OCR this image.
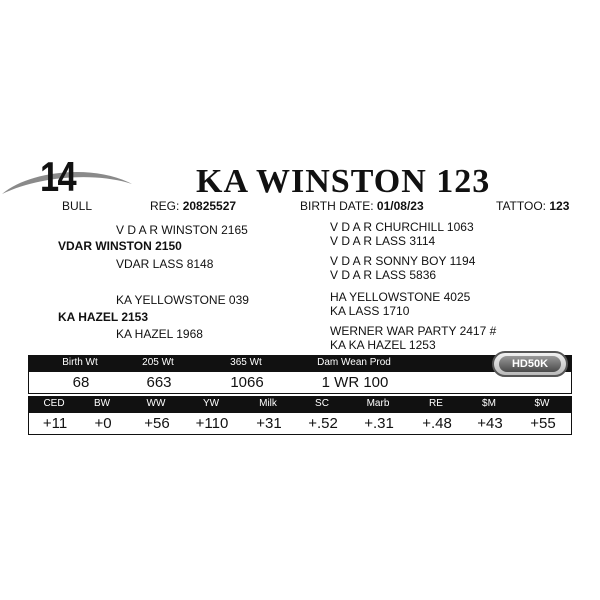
14	KA WINSTON 123
BULL	REG: 20825527	BIRTH DATE: 01/08/23	TATTOO: 123
V D A R WINSTON 2165
VDAR WINSTON 2150
VDAR LASS 8148
V D A R CHURCHILL 1063
V D A R LASS 3114
V D A R SONNY BOY 1194
V D A R LASS 5836
KA YELLOWSTONE 039
KA HAZEL 2153
KA HAZEL 1968
HA YELLOWSTONE 4025
KA LASS 1710
WERNER WAR PARTY 2417 #
KA KA HAZEL 1253
Birth Wt	205 Wt	365 Wt	Dam Wean Prod
68	663	1066	1 WR 100
HD50K
CED	BW	WW	YW	Milk	SC	Marb	RE	$M	$W
+11 +0 +56 +110 +31 +.52 +.31 +.48 +43 +55
